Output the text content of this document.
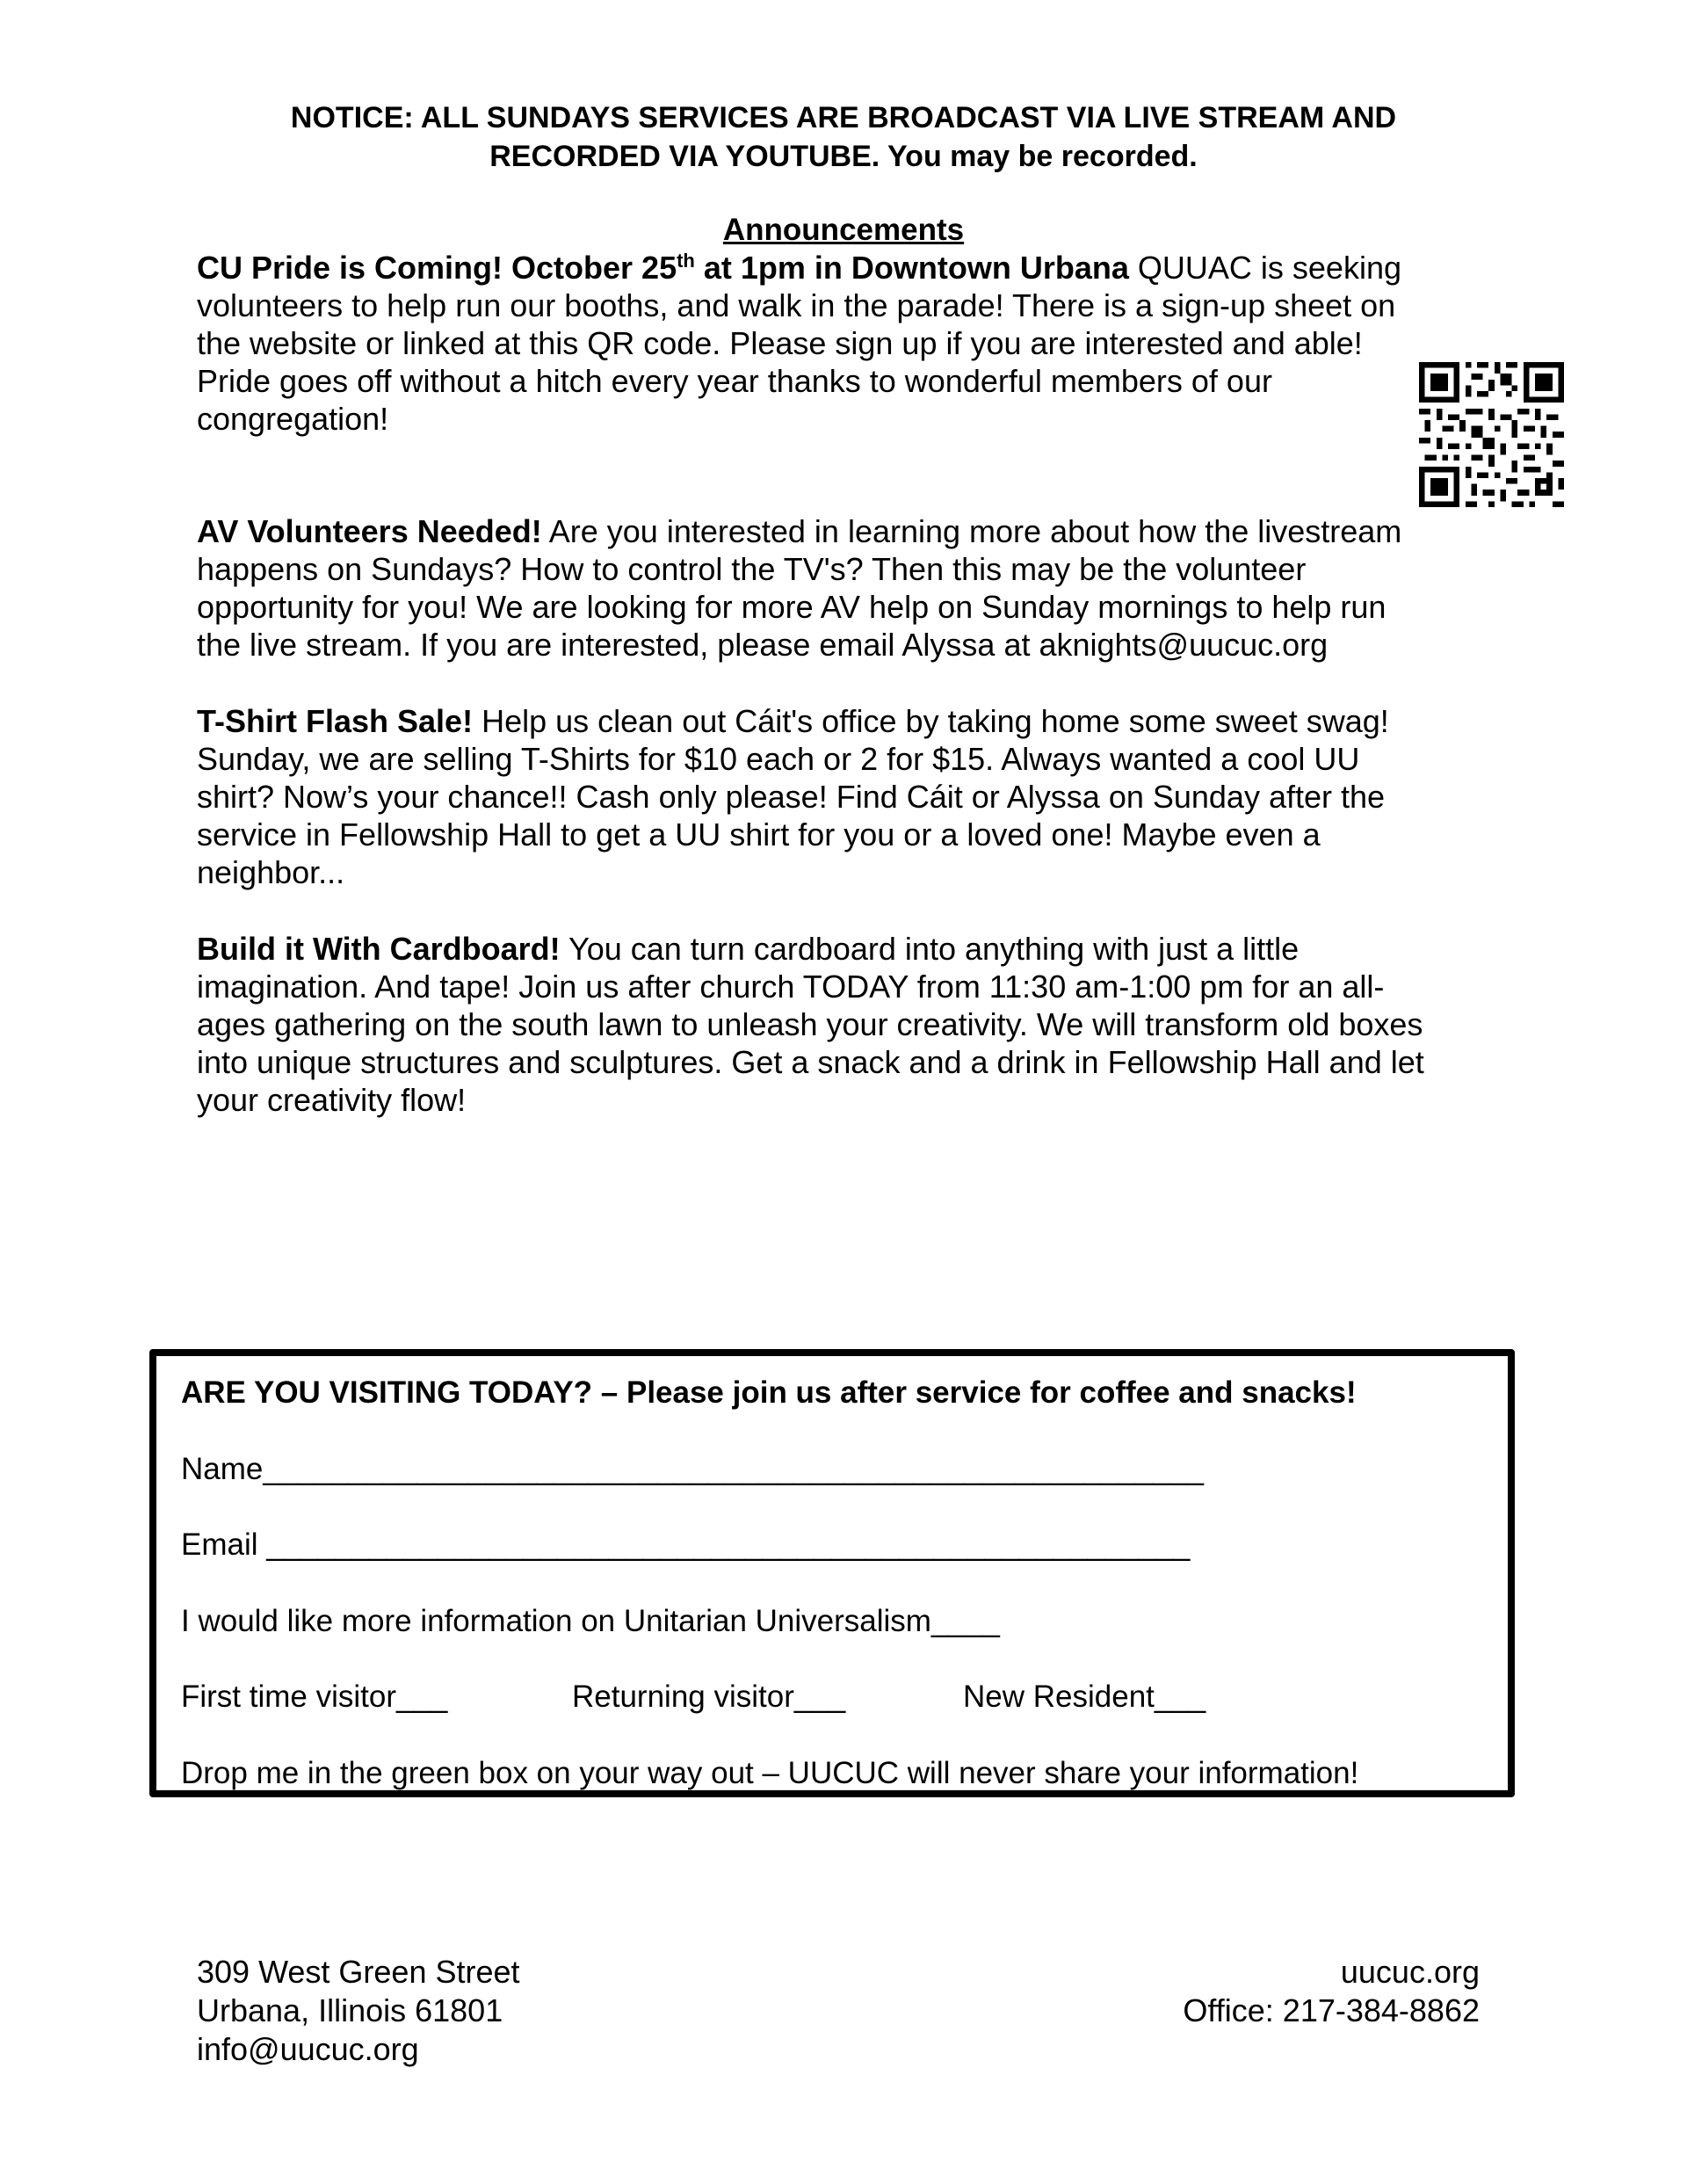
NOTICE: ALL SUNDAYS SERVICES ARE BROADCAST VIA LIVE STREAM AND
RECORDED VIA YOUTUBE. You may be recorded.
Announcements
CU Pride is Coming! October 25th at 1pm in Downtown Urbana QUUAC is seeking
volunteers to help run our booths, and walk in the parade! There is a sign-up sheet on
the website or linked at this QR code. Please sign up if you are interested and able!
Pride goes off without a hitch every year thanks to wonderful members of our
congregation!
AV Volunteers Needed! Are you interested in learning more about how the livestream
happens on Sundays? How to control the TV's? Then this may be the volunteer
opportunity for you! We are looking for more AV help on Sunday mornings to help run
the live stream. If you are interested, please email Alyssa at aknights@uucuc.org
T-Shirt Flash Sale! Help us clean out Cáit's office by taking home some sweet swag!
Sunday, we are selling T-Shirts for $10 each or 2 for $15. Always wanted a cool UU
shirt? Now’s your chance!! Cash only please! Find Cáit or Alyssa on Sunday after the
service in Fellowship Hall to get a UU shirt for you or a loved one! Maybe even a
neighbor...
Build it With Cardboard! You can turn cardboard into anything with just a little
imagination. And tape! Join us after church TODAY from 11:30 am-1:00 pm for an all-
ages gathering on the south lawn to unleash your creativity. We will transform old boxes
into unique structures and sculptures. Get a snack and a drink in Fellowship Hall and let
your creativity flow!
ARE YOU VISITING TODAY? – Please join us after service for coffee and snacks!
Name_______________________________________________________
Email ______________________________________________________
I would like more information on Unitarian Universalism____
First time visitor___	Returning visitor___	New Resident___
Drop me in the green box on your way out – UUCUC will never share your information!
309 West Green Street
Urbana, Illinois 61801
info@uucuc.org
uucuc.org
Office: 217-384-8862
